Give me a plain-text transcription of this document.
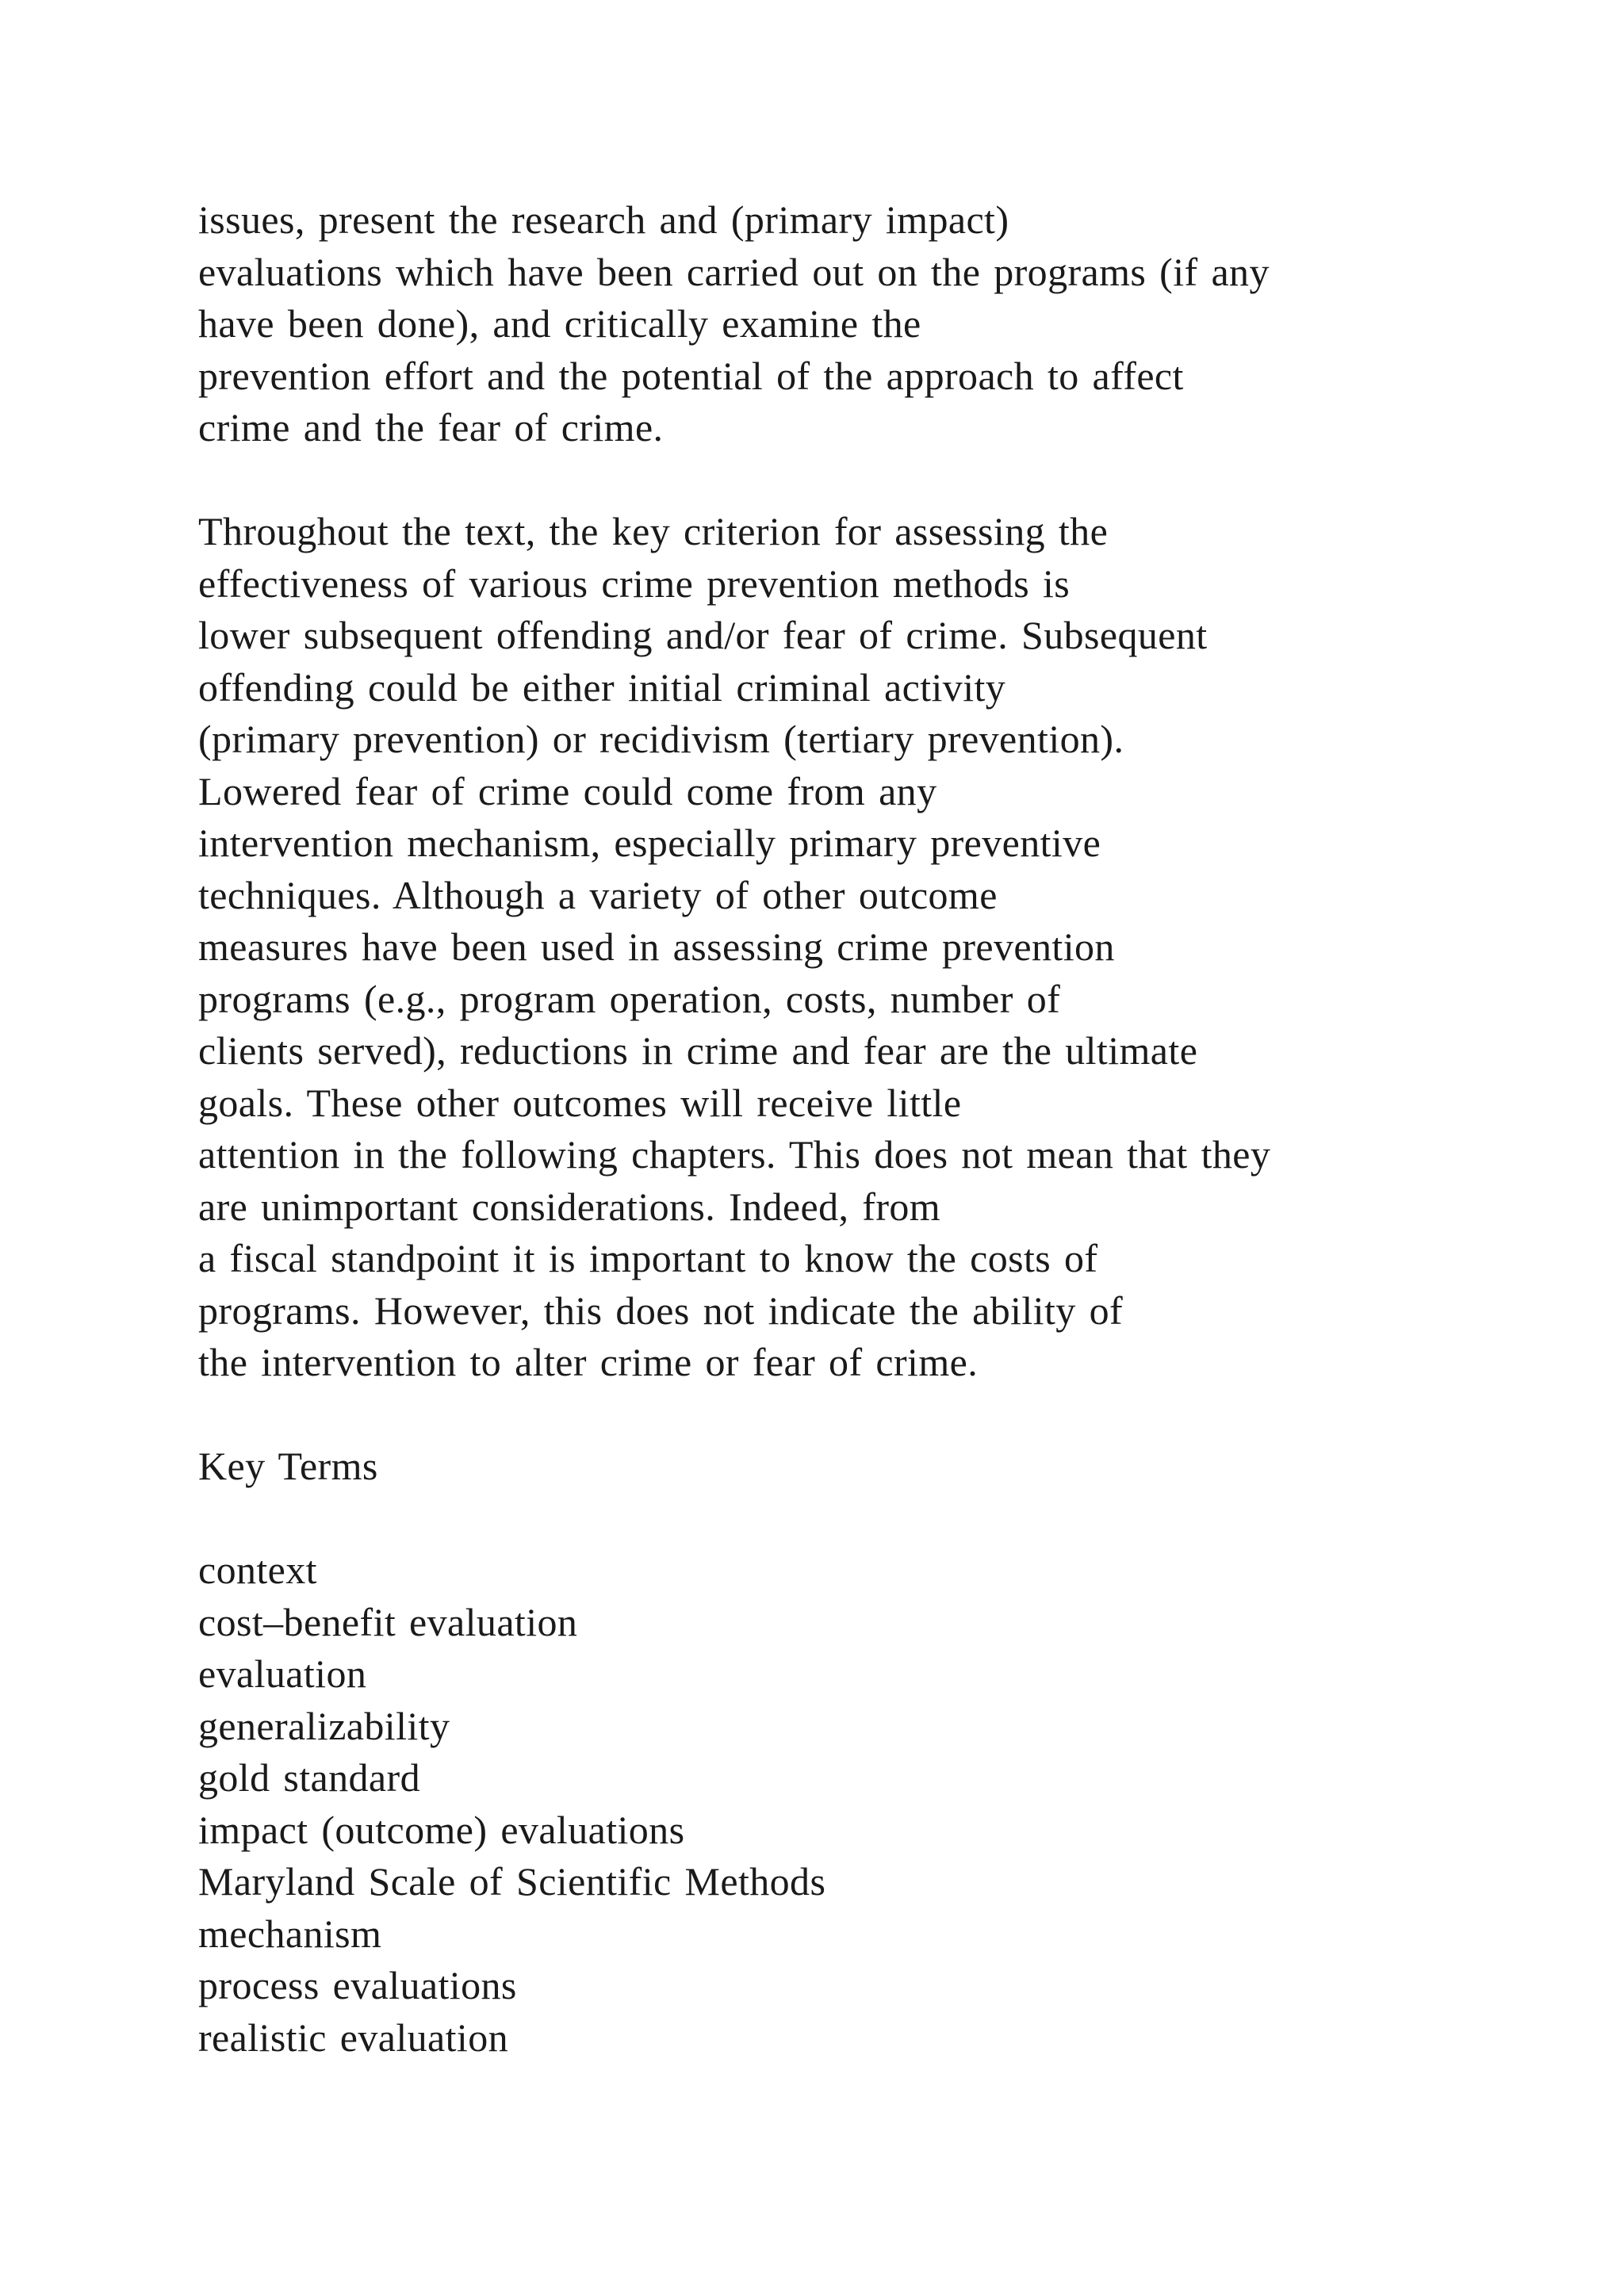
issues, present the research and (primary impact)
evaluations which have been carried out on the programs (if any
have been done), and critically examine the
prevention effort and the potential of the approach to affect
crime and the fear of crime.
Throughout the text, the key criterion for assessing the
effectiveness of various crime prevention methods is
lower subsequent offending and/or fear of crime. Subsequent
offending could be either initial criminal activity
(primary prevention) or recidivism (tertiary prevention).
Lowered fear of crime could come from any
intervention mechanism, especially primary preventive
techniques. Although a variety of other outcome
measures have been used in assessing crime prevention
programs (e.g., program operation, costs, number of
clients served), reductions in crime and fear are the ultimate
goals. These other outcomes will receive little
attention in the following chapters. This does not mean that they
are unimportant considerations. Indeed, from
a fiscal standpoint it is important to know the costs of
programs. However, this does not indicate the ability of
the intervention to alter crime or fear of crime.
Key Terms
context
cost–benefit evaluation
evaluation
generalizability
gold standard
impact (outcome) evaluations
Maryland Scale of Scientific Methods
mechanism
process evaluations
realistic evaluation
